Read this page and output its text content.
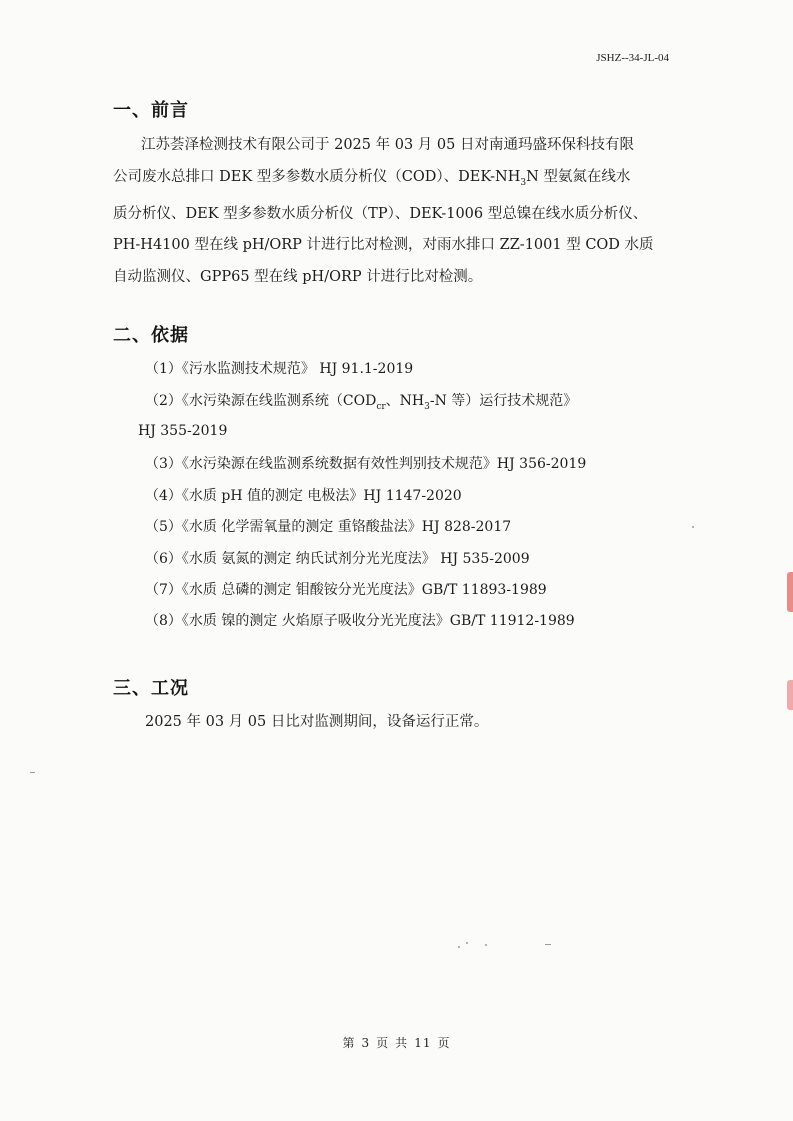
JSHZ--34-JL-04
一、前言
江苏荟泽检测技术有限公司于 2025 年 03 月 05 日对南通玛盛环保科技有限
公司废水总排口 DEK 型多参数水质分析仪（COD）、DEK-$NH_3N$ 型氨氮在线水
质分析仪、DEK 型多参数水质分析仪（TP）、DEK-1006 型总镍在线水质分析仪、
PH-H4100 型在线 pH/ORP 计进行比对检测，对雨水排口 ZZ-1001 型 COD 水质
自动监测仪、GPP65 型在线 pH/ORP 计进行比对检测。
二、依据
（1）《污水监测技术规范》 HJ 91.1-2019
（2）《水污染源在线监测系统（$COD_{cr}$、$NH_3-N$ 等）运行技术规范》
HJ 355-2019
（3）《水污染源在线监测系统数据有效性判别技术规范》HJ 356-2019
（4）《水质 pH 值的测定 电极法》HJ 1147-2020
（5）《水质 化学需氧量的测定 重铬酸盐法》HJ 828-2017
（6）《水质 氨氮的测定 纳氏试剂分光光度法》 HJ 535-2009
（7）《水质 总磷的测定 钼酸铵分光光度法》GB/T 11893-1989
（8）《水质 镍的测定 火焰原子吸收分光光度法》GB/T 11912-1989
三、工况
2025 年 03 月 05 日比对监测期间，设备运行正常。
第 3 页 共 11 页
